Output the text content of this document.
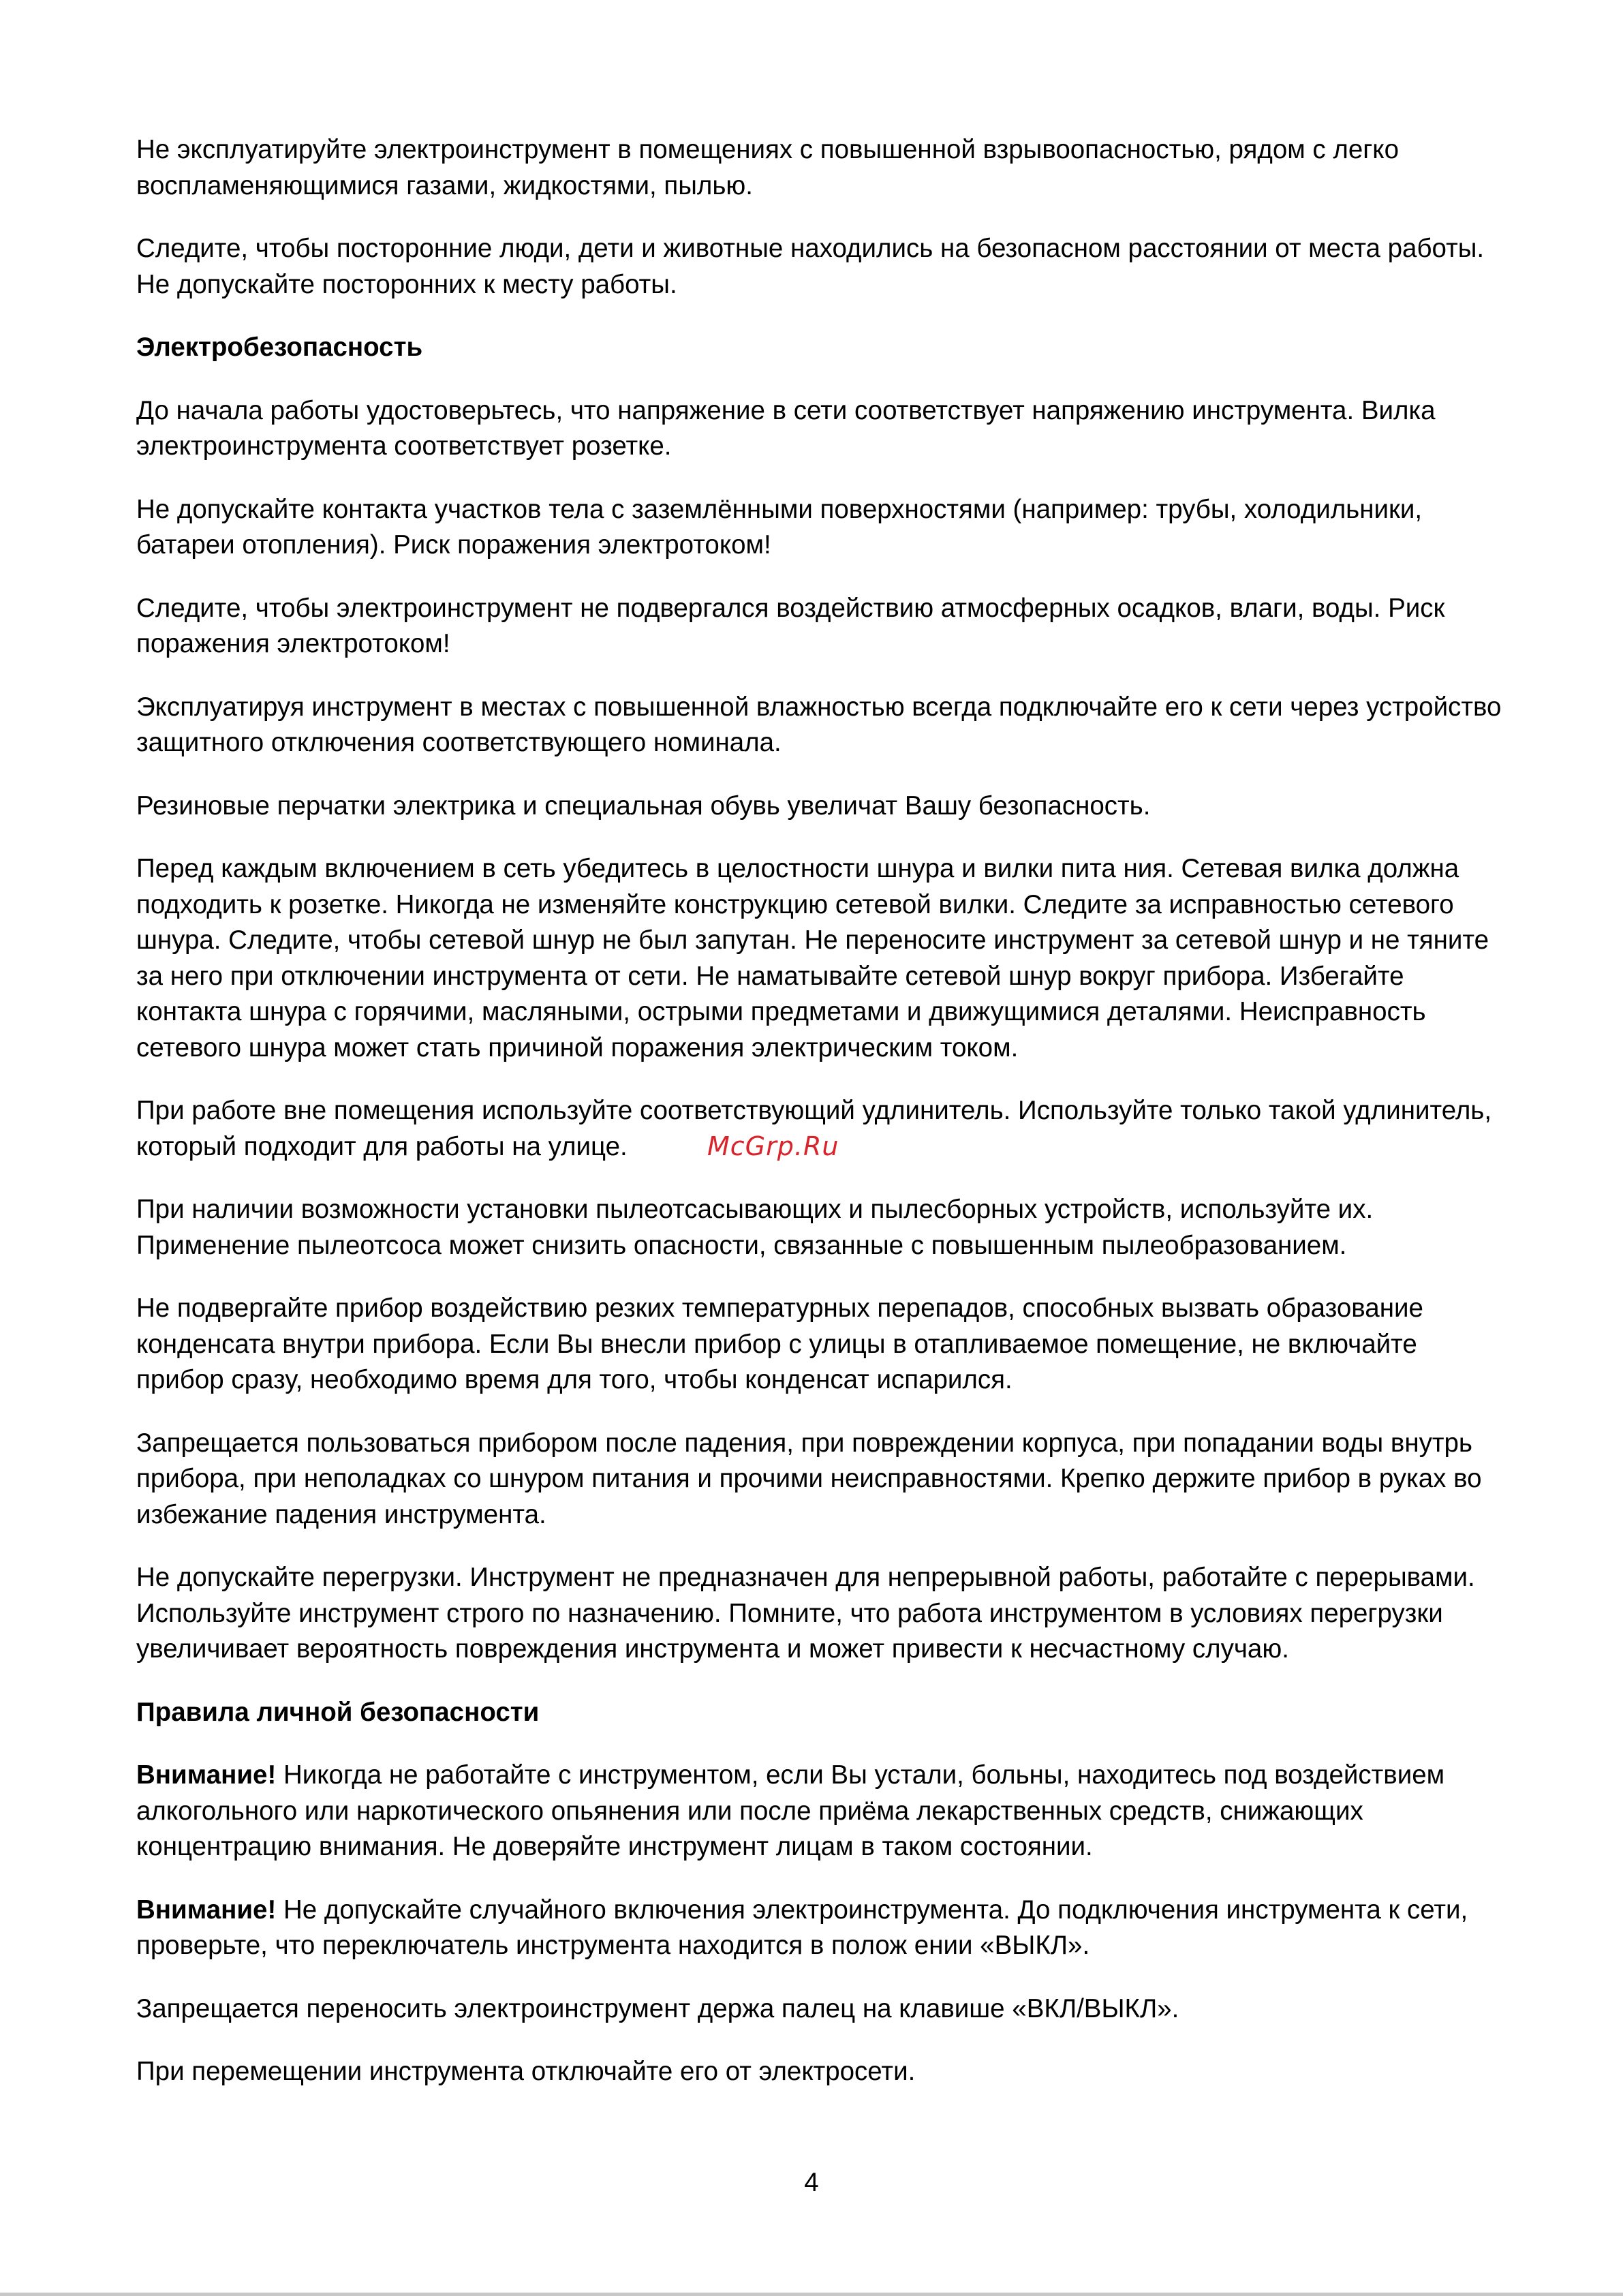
Не эксплуатируйте электроинструмент в помещениях с повышенной взрывоопасностью, рядом с легко воспламеняющимися газами, жидкостями, пылью.

Следите, чтобы посторонние люди, дети и животные находились на безопасном расстоянии от места работы. Не допускайте посторонних к месту работы.

Электробезопасность

До начала работы удостоверьтесь, что напряжение в сети соответствует напряжению инструмента. Вилка электроинструмента соответствует розетке.

Не допускайте контакта участков тела с заземлёнными поверхностями (например: трубы, холодильники, батареи отопления). Риск поражения электротоком!

Следите, чтобы электроинструмент не подвергался воздействию атмосферных осадков, влаги, воды. Риск поражения электротоком!

Эксплуатируя инструмент в местах с повышенной влажностью всегда подключайте его к сети через устройство защитного отключения соответствующего номинала.

Резиновые перчатки электрика и специальная обувь увеличат Вашу безопасность.

Перед каждым включением в сеть убедитесь в целостности шнура и вилки пита ния. Сетевая вилка должна подходить к розетке. Никогда не изменяйте конструкцию сетевой вилки. Следите за исправностью сетевого шнура. Следите, чтобы сетевой шнур не был запутан. Не переносите инструмент за сетевой шнур и не тяните за него при отключении инструмента от сети. Не наматывайте сетевой шнур вокруг прибора. Избегайте контакта шнура с горячими, масляными, острыми предметами и движущимися деталями. Неисправность сетевого шнура может стать причиной поражения электрическим током.

При работе вне помещения используйте соответствующий удлинитель. Используйте только такой удлинитель, который подходит для работы на улице.

При наличии возможности установки пылеотсасывающих и пылесборных устройств, используйте их. Применение пылеотсоса может снизить опасности, связанные с повышенным пылеобразованием.

Не подвергайте прибор воздействию резких температурных перепадов, способных вызвать образование конденсата внутри прибора. Если Вы внесли прибор с улицы в отапливаемое помещение, не включайте прибор сразу, необходимо время для того, чтобы конденсат испарился.

Запрещается пользоваться прибором после падения, при повреждении корпуса, при попадании воды внутрь прибора, при неполадках со шнуром питания и прочими неисправностями. Крепко держите прибор в руках во избежание падения инструмента.

Не допускайте перегрузки. Инструмент не предназначен для непрерывной работы, работайте с перерывами. Используйте инструмент строго по назначению. Помните, что работа инструментом в условиях перегрузки увеличивает вероятность повреждения инструмента и может привести к несчастному случаю.

Правила личной безопасности

Внимание! Никогда не работайте с инструментом, если Вы устали, больны, находитесь под воздействием алкогольного или наркотического опьянения или после приёма лекарственных средств, снижающих концентрацию внимания. Не доверяйте инструмент лицам в таком состоянии.

Внимание! Не допускайте случайного включения электроинструмента. До подключения инструмента к сети, проверьте, что переключатель инструмента находится в полож ении «ВЫКЛ».

Запрещается переносить электроинструмент держа палец на клавише «ВКЛ/ВЫКЛ».

При перемещении инструмента отключайте его от электросети.

McGrp.Ru
4
